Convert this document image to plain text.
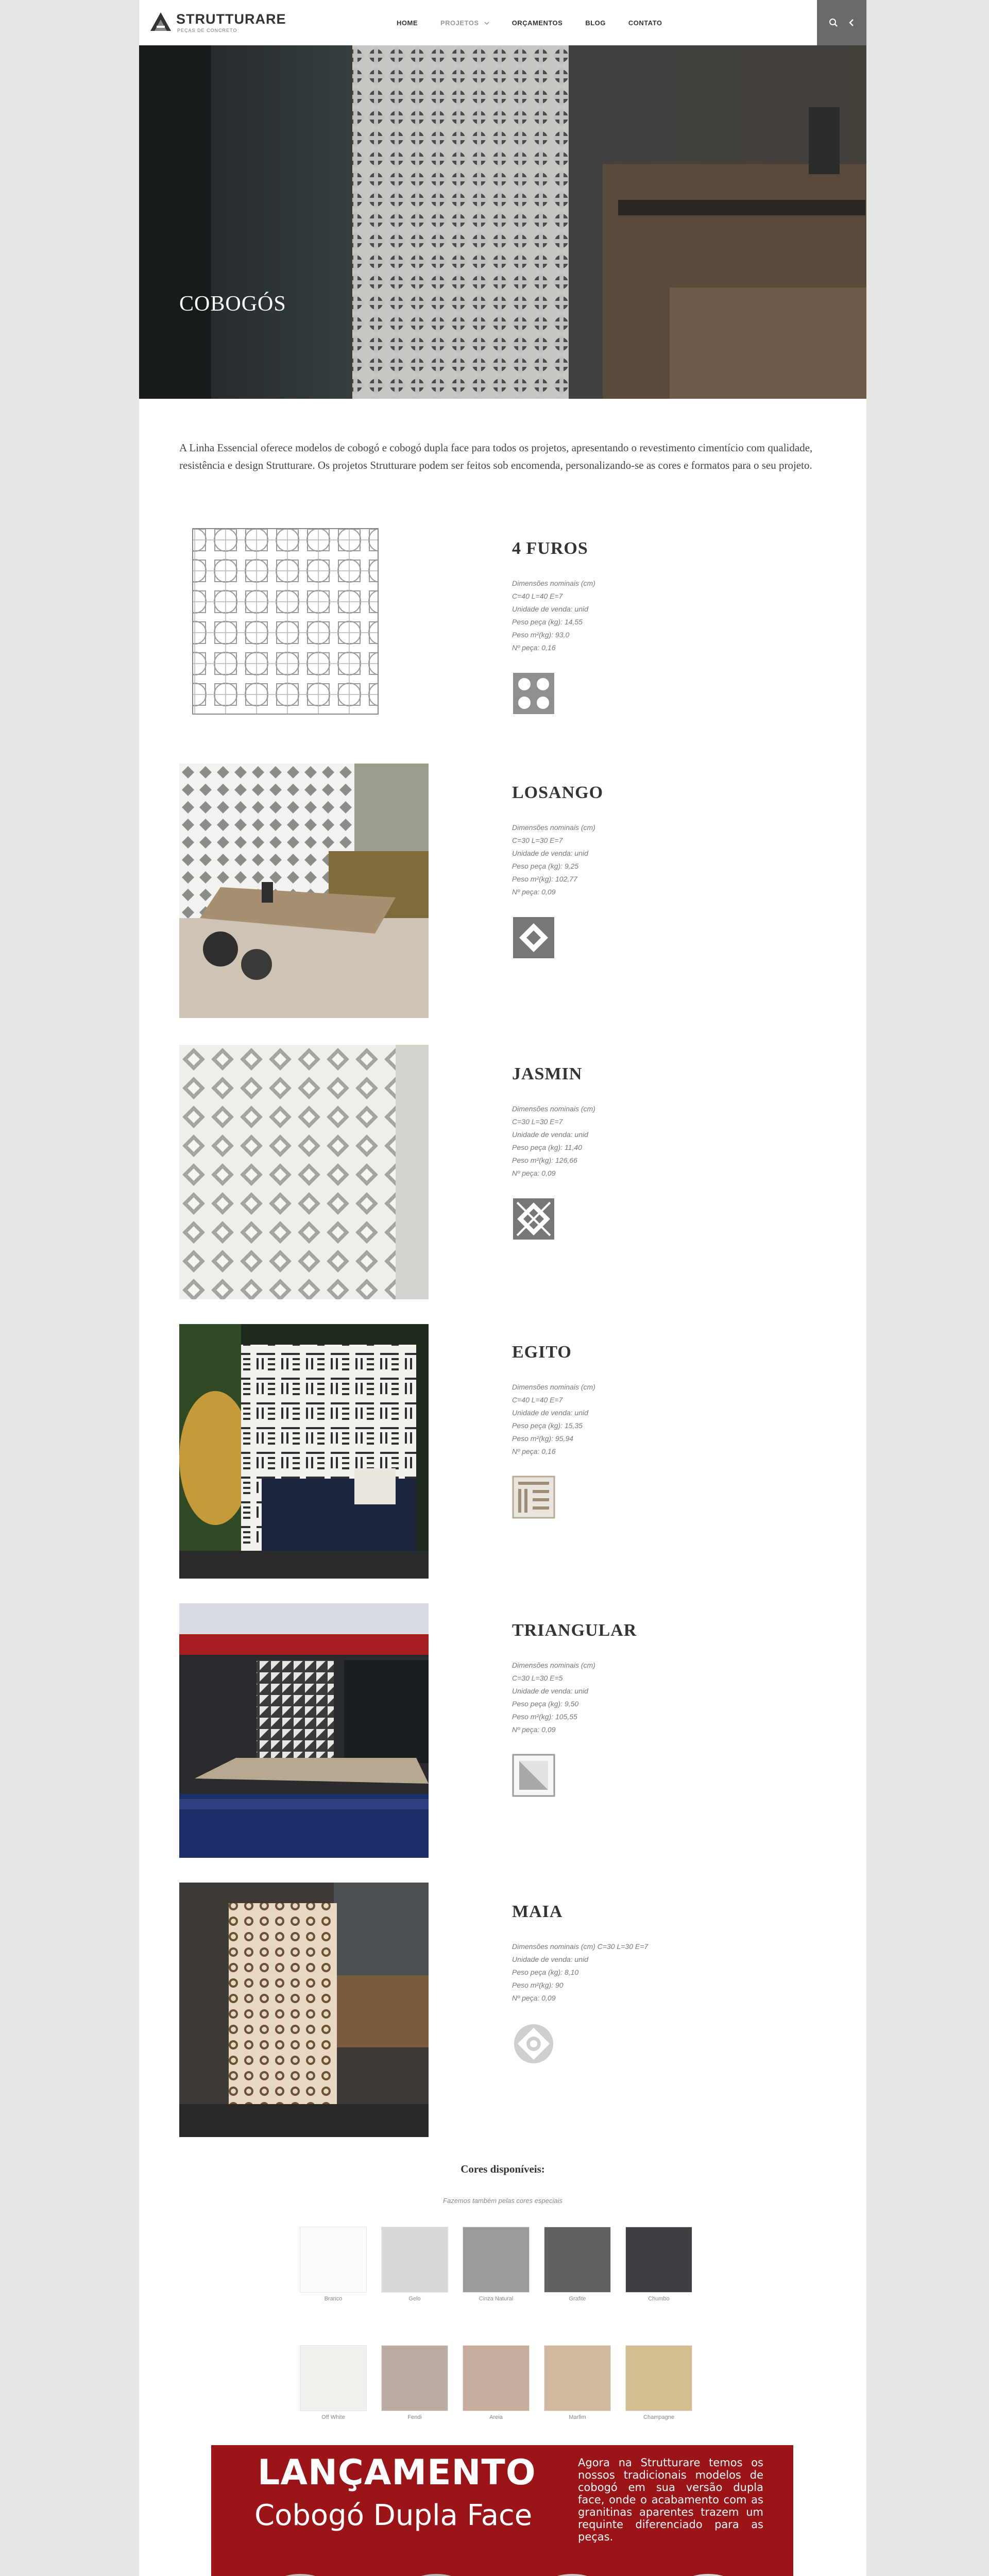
STRUTTURARE
PEÇAS DE CONCRETO
HOME	PROJETOS	ORÇAMENTOS	BLOG	CONTATO
COBOGÓS

A Linha Essencial oferece modelos de cobogó e cobogó dupla face para todos os projetos, apresentando o revestimento cimentício com qualidade, resistência e design Strutturare. Os projetos Strutturare podem ser feitos sob encomenda, personalizando-se as cores e formatos para o seu projeto.

4 FUROS
Dimensões nominais (cm)
C=40 L=40 E=7
Unidade de venda: unid
Peso peça (kg): 14,55
Peso m²(kg): 93,0
Nº peça: 0,16
LOSANGO
Dimensões nominais (cm)
C=30 L=30 E=7
Unidade de venda: unid
Peso peça (kg): 9,25
Peso m²(kg): 102,77
Nº peça: 0,09
JASMIN
Dimensões nominais (cm)
C=30 L=30 E=7
Unidade de venda: unid
Peso peça (kg): 11,40
Peso m²(kg): 126,66
Nº peça: 0,09
EGITO
Dimensões nominais (cm)
C=40 L=40 E=7
Unidade de venda: unid
Peso peça (kg): 15,35
Peso m²(kg): 95,94
Nº peça: 0,16
TRIANGULAR
Dimensões nominais (cm)
C=30 L=30 E=5
Unidade de venda: unid
Peso peça (kg): 9,50
Peso m²(kg): 105,55
Nº peça: 0,09
MAIA
Dimensões nominais (cm) C=30 L=30 E=7
Unidade de venda: unid
Peso peça (kg): 8,10
Peso m²(kg): 90
Nº peça: 0,09
Cores disponíveis:
Fazemos também pelas cores especiais
Branco	Gelo	Cinza Natural	Grafite	Chumbo
Off White	Fendi	Areia	Marfim	Champagne
LANÇAMENTO
Cobogó Dupla Face

Agora na Strutturare temos os nossos tradicionais modelos de cobogó em sua versão dupla face, onde o acabamento com as granitinas aparentes trazem um requinte diferenciado para as peças.
